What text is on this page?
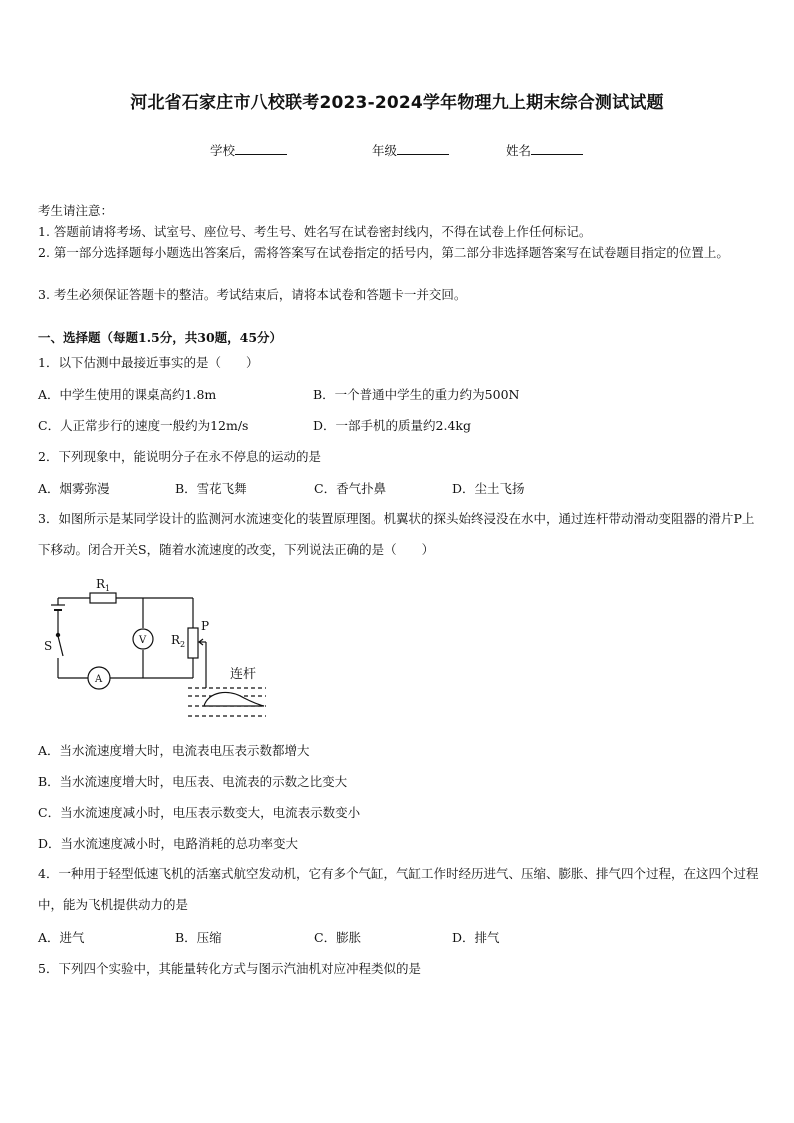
河北省石家庄市八校联考2023-2024学年物理九上期末综合测试试题
学校	年级	姓名
考生请注意：
1. 答题前请将考场、试室号、座位号、考生号、姓名写在试卷密封线内，不得在试卷上作任何标记。
2. 第一部分选择题每小题选出答案后，需将答案写在试卷指定的括号内，第二部分非选择题答案写在试卷题目指定的位置上。
3. 考生必须保证答题卡的整洁。考试结束后，请将本试卷和答题卡一并交回。
一、选择题（每题1.5分，共30题，45分）
1．以下估测中最接近事实的是（　　）
A．中学生使用的课桌高约1.8m	B．一个普通中学生的重力约为500N
C．人正常步行的速度一般约为12m/s	D．一部手机的质量约2.4kg
2．下列现象中，能说明分子在永不停息的运动的是
A．烟雾弥漫	B．雪花飞舞	C．香气扑鼻	D．尘土飞扬
3．如图所示是某同学设计的监测河水流速变化的装置原理图。机翼状的探头始终浸没在水中，通过连杆带动滑动变阻器的滑片P上下移动。闭合开关S，随着水流速度的改变，下列说法正确的是（　　）
$R_1$
$R_2$
P
S	V
A	连杆
A．当水流速度增大时，电流表电压表示数都增大
B．当水流速度增大时，电压表、电流表的示数之比变大
C．当水流速度减小时，电压表示数变大，电流表示数变小
D．当水流速度减小时，电路消耗的总功率变大
4．一种用于轻型低速飞机的活塞式航空发动机，它有多个气缸，气缸工作时经历进气、压缩、膨胀、排气四个过程，在这四个过程中，能为飞机提供动力的是
A．进气	B．压缩	C．膨胀	D．排气
5．下列四个实验中，其能量转化方式与图示汽油机对应冲程类似的是
